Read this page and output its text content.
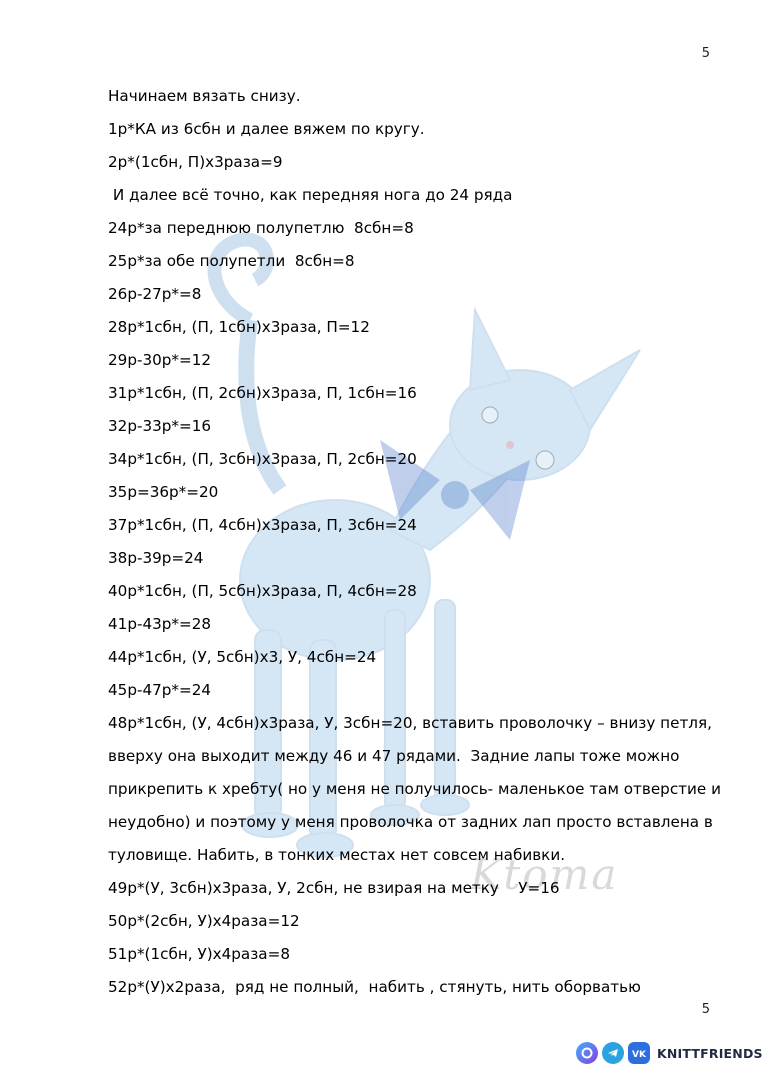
Ktoma
5
Начинаем вязать снизу.
1р*КА из 6сбн и далее вяжем по кругу.
2р*(1сбн, П)х3раза=9
И далее всё точно, как передняя нога до 24 ряда
24р*за переднюю полупетлю  8сбн=8
25р*за обе полупетли  8сбн=8
26р-27р*=8
28р*1сбн, (П, 1сбн)х3раза, П=12
29р-30р*=12
31р*1сбн, (П, 2сбн)х3раза, П, 1сбн=16
32р-33р*=16
34р*1сбн, (П, 3сбн)х3раза, П, 2сбн=20
35р=36р*=20
37р*1сбн, (П, 4сбн)х3раза, П, 3сбн=24
38р-39р=24
40р*1сбн, (П, 5сбн)х3раза, П, 4сбн=28
41р-43р*=28
44р*1сбн, (У, 5сбн)х3, У, 4сбн=24
45р-47р*=24
48р*1сбн, (У, 4сбн)х3раза, У, 3сбн=20, вставить проволочку – внизу петля,
вверху она выходит между 46 и 47 рядами.  Задние лапы тоже можно
прикрепить к хребту( но у меня не получилось- маленькое там отверстие и
неудобно) и поэтому у меня проволочка от задних лап просто вставлена в
туловище. Набить, в тонких местах нет совсем набивки.
49р*(У, 3сбн)х3раза, У, 2сбн, не взирая на метку    У=16
50р*(2сбн, У)х4раза=12
51р*(1сбн, У)х4раза=8
52р*(У)х2раза,  ряд не полный,  набить , стянуть, нить оборватью
5
VK KNITTFRIENDS
